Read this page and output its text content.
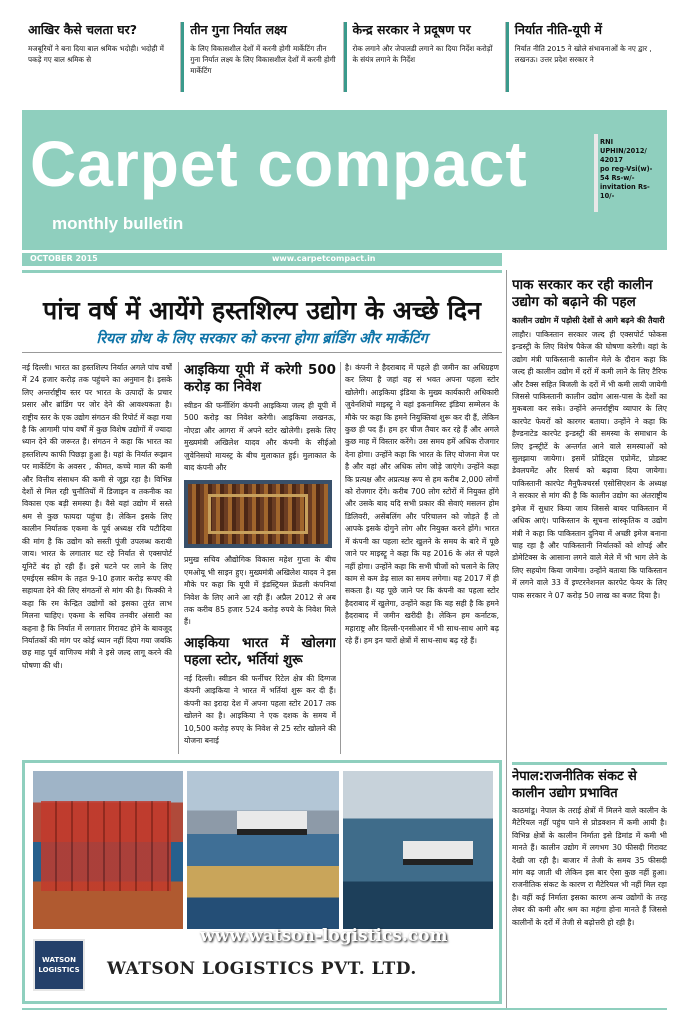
आखिर कैसे चलता घर?
मजबूरियों ने बना दिया बाल श्रमिक भदोही। भदोही में पकड़े गए बाल श्रमिक से
तीन गुना निर्यात लक्ष्य
के लिए विकासशील देशों में करनी होगी मार्केटिंग तीन गुना निर्यात लक्ष्य के लिए विकासशील देशों में करनी होगी मार्केटिंग
केन्द्र सरकार ने प्रदूषण पर
रोक लगाने और जेपालडी लगाने का दिया निर्देश करोड़ों के संयंत्र लगाने के निर्देश
निर्यात नीति-यूपी में
निर्यात नीति 2015 ने खोले संभावनाओं के नए द्वार , लखनऊ। उत्तर प्रदेश सरकार ने
Carpet compact
monthly bulletin
RNI
UPHIN/2012/
42017
po reg-Vsi(w)-
54 Rs-w/-
invitation Rs-10/-
OCTOBER 2015	www.carpetcompact.in
पांच वर्ष में आयेंगे हस्तशिल्प उद्योग के अच्छे दिन
रियल ग्रोथ के लिए सरकार को करना होगा ब्रांडिंग और मार्केटिंग

नई दिल्ली। भारत का हस्तशिल्प निर्यात अगले पांच वर्षों में 24 हजार करोड़ तक पहुंचने का अनुमान है। इसके लिए अन्तर्राष्ट्रीय स्तर पर भारत के उत्पादों के प्रचार प्रसार और ब्रांडिंग पर जोर देने की आवश्यकता है। राष्ट्रीय स्तर के एक उद्योग संगठन की रिपोर्ट में कहा गया है कि आगामी पांच वर्षों में कुछ विशेष उद्योगों में ज्यादा ध्यान देने की जरूरत है। संगठन ने कहा कि भारत का हस्तशिल्प काफी पिछड़ा हुआ है। यहां के निर्यात रूझान पर मार्केटिंग के अवसर , कीमत, कच्चे माल की कमी और वित्तीय संसाधन की कमी से जूझ रहा है। विभिन्न देशों से मिल रही चुनौतियों में डिजाइन व तकनीक का विकास एक बड़ी समस्या है। वैसे यहां उद्योग में सस्ते श्रम से कुछ फायदा पहुंचा है। लेकिन इसके लिए कालीन निर्यातक एकमा के पूर्व अध्यक्ष रवि पटौदिया की मांग है कि उद्योग को सस्ती पूंजी उपलब्ध करायी जाय। भारत के लगातार घट रहे निर्यात से एक्सपोर्ट यूनिटें बंद हो रही हैं। इसे घटने पर लाने के लिए एमईएस स्कीम के तहत 9-10 हजार करोड़ रूपए की सहायता देने की लिए संगठनों से मांग की है। फिक्की ने कहा कि रम केन्द्रित उद्योगों को इसका तुरंत लाभ मिलना चाहिए। एकमा के सचिव तनवीर अंसारी का कहना है कि निर्यात में लगातार गिरावट होने के बावजूद निर्यातकों की मांग पर कोई ध्यान नहीं दिया गया जबकि छह माह पूर्व वाणिज्य मंत्री ने इसे जल्द लागू करने की घोषणा की थी।

आइकिया यूपी में करेगी 500 करोड़ का निवेश

स्वीडन की फर्नीशिंग कंपनी आइकिया जल्द ही यूपी में 500 करोड़ का निवेश करेगी। आइकिया लखनऊ, नोएडा और आगरा में अपने स्टोर खोलेगी। इसके लिए मुख्यमंत्री अखिलेश यादव और कंपनी के सीईओ जुवेनिसयो मायस्ट्र के बीच मुलाकात हुई। मुलाकात के बाद कंपनी और

प्रमुख सचिव औद्योगिक विकास महेश गुप्ता के बीच एमओयू भी साइन हुए। मुख्यमंत्री अखिलेश यादव ने इस मौके पर कहा कि यूपी में इंडस्ट्रियल फ्रेंडली कंपनियां निवेश के लिए आने आ रही हैं। अप्रैल 2012 से अब तक करीब 85 हजार 524 करोड़ रुपये के निवेश मिले हैं।

आइकिया भारत में खोलगा पहला स्टोर, भर्तियां शुरू

नई दिल्ली। स्वीडन की फर्नीचर रिटेल क्षेत्र की दिग्गज कंपनी आइकिया ने भारत में भर्तियां शुरू कर दी हैं। कंपनी का इरादा देश में अपना पहला स्टोर 2017 तक खोलने का है। आइकिया ने एक दशक के समय में 10,500 करोड़ रुपए के निवेश से 25 स्टोर खोलने की योजना बनाई

है। कंपनी ने हैदराबाद में पहले ही जमीन का अधिग्रहण कर लिया है जहां वह सं भवत अपना पहला स्टोर खोलेगी। आइकिया इंडिया के मुख्य कार्यकारी अधिकारी जुवेनशियो माइस्ट्रू ने यहां इकनामिस्ट इंडिया सम्मेलन के मौके पर कहा कि हमने नियुक्तियां शुरू कर दी हैं, लेकिन कुछ ही पद हैं। हम हर चीज तैयार कर रहे हैं और अगले कुछ माह में विस्तार करेंगे। उस समय हमें अधिक रोजगार देना होगा। उन्होंने कहा कि भारत के लिए योजना मेज पर है और वहां और अधिक लोग जोड़े जाएंगे। उन्होंने कहा कि प्रत्यक्ष और अप्रत्यक्ष रूप से हम करीब 2,000 लोगों को रोजगार देंगे। करीब 700 लोग स्टोरों में नियुक्त होंगे और उसके बाद यदि सभी प्रकार की सेवाएं मसलन होम डिलिवरी, असेंबलिंग और परिचालन को जोड़ते हैं तो आपके इसके दोगुने लोग और नियुक्त करने होंगे। भारत में कंपनी का पहला स्टोर खुलने के समय के बारे में पूछे जाने पर माइस्ट्रू ने कहा कि यह 2016 के अंत से पहले नहीं होगा। उन्होंने कहा कि सभी चीजों को चलाने के लिए काम से कम डेढ़ साल का समय लगेगा। यह 2017 में ही सकता है। यह पूछे जाने पर कि कंपनी का पहला स्टोर हैदराबाद में खुलेगा, उन्होंने कहा कि यह सही है कि हमने हैदराबाद में जमीन खरीदी है। लेकिन हम कर्नाटक, महाराष्ट्र और दिल्ली-एनसीआर में भी साथ-साथ आगे बढ़ रहे हैं। हम इन चारों क्षेत्रों में साथ-साथ बढ़ रहे हैं।

पाक सरकार कर रही कालीन उद्योग को बढ़ाने की पहल
कालीन उद्योग में पड़ोसी देशों से आगे बढ़ने की तैयारी
लाहौर। पाकिस्तान सरकार जल्द ही एक्सपोर्ट फोकस इन्डस्ट्री के लिए विशेष पैकेज की घोषणा करेगी। वहां के उद्योग मंत्री पाकिस्तानी कालीन मेले के दौरान कहा कि जल्द ही कालीन उद्योग में दरों में कमी लाने के लिए टैरिफ और टैक्स सहित बिजली के दरों में भी कमी लायी जायेगी जिससे पाकिस्तानी कालीन उद्योग आस-पास के देशों का मुकबला कर सके। उन्होंने अन्तर्राष्ट्रीय व्यापार के लिए कारपेट फेयरों को कारगर बताया। उन्होंने ने कहा कि हैण्डनाटेड कारपेट इन्डस्ट्री की समस्या के समाधान के लिए इन्स्ट्रीटें के अन्तर्गत आने वाले समस्याओं को सुलझाया जायेगा। इसमें प्रोडिट्स एप्रोमेंट, प्रोडक्ट डेवलपमेंट और रिसर्च को बढ़ावा दिया जायेगा। पाकिस्तानी कारपेट मैनुफैक्चरर्स एसोसिएशन के अध्यक्ष ने सरकार से मांग की है कि कालीन उद्योग का अंतराष्ट्रीय इमेज में सुधार किया जाय जिससे बायर पाकिस्तान में अधिक आएं। पाकिस्तान के सूचना सांस्कृतिक व उद्योग मंत्री ने कहा कि पाकिस्तान दुनिया में अच्छी इमेज बनाना चाह रहा है और पाकिस्तानी निर्यातकों को शोपई और डोमेटिक्स के आसाना लगने वाले मेले में भी भाग लेने के लिए सहयोग किया जायेगा। उन्होंने बताया कि पाकिस्तान में लगने वाले 33 वें इण्टरनेशनल कारपेट फेयर के लिए पाक सरकार ने 07 करोड़ 50 लाख का बजट दिया है।
नेपाल:राजनीतिक संकट से कालीन उद्योग प्रभावित
काठमांडू। नेपाल के तराई क्षेत्रों में मिलने वाले कालीन के मैटेरियल नहीं पहुंच पाने से प्रोडक्शन में कमी आयी है। विभिन्न क्षेत्रों के कालीन निर्माता इसे डिमांड में कमी भी मानते हैं। कालीन उद्योग में लगभग 30 फीसदी गिरावट देखी जा रही है। बाजार में तेजी के समय 35 फीसदी मांग बढ़ जाती थी लेकिन इस बार ऐसा कुछ नहीं हुआ। राजनीतिक संकट के कारण रा मैटेरियल भी नहीं मिल रहा है। वहीं कई निर्माता इसका कारण अन्य उद्योगों के तरह लेबर की कमी और श्रम का महंगा होना मानते हैं जिससे कालीनों के दरों में तेजी से बढ़ोत्तरी हो रही है।
www.watson-logistics.com
WATSON LOGISTICS	WATSON LOGISTICS PVT. LTD.
